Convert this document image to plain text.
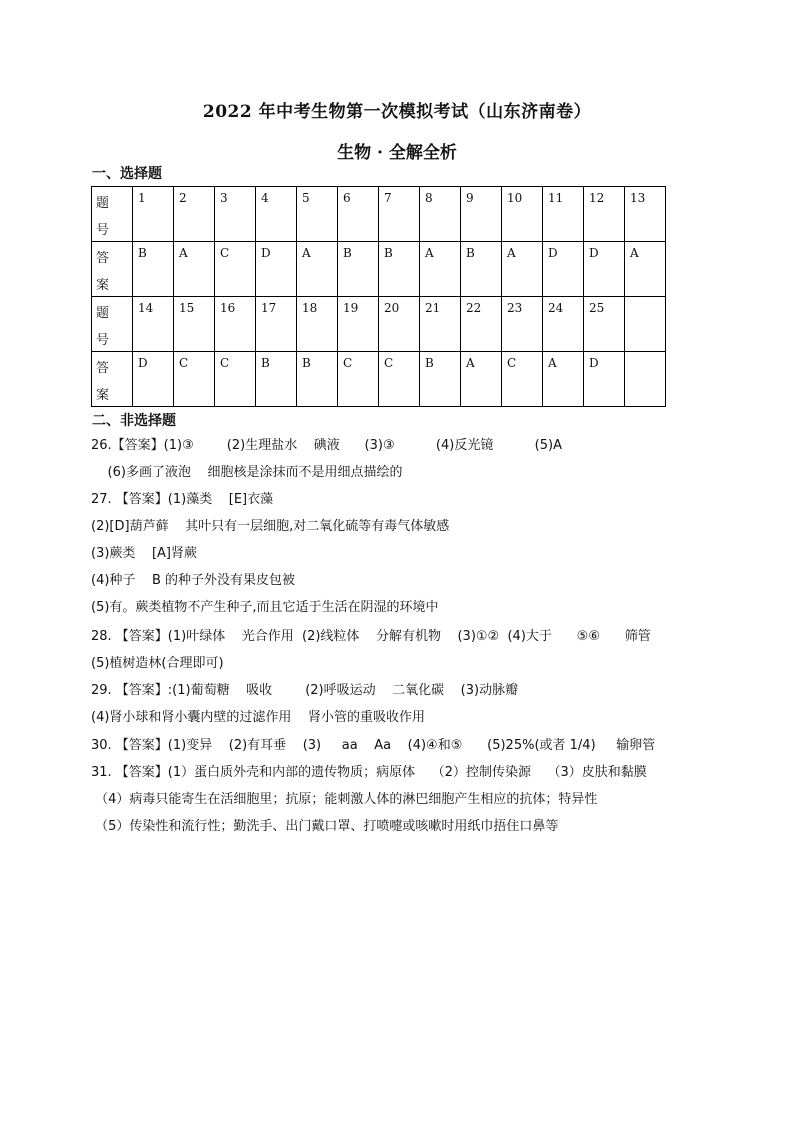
2022 年中考生物第一次模拟考试（山东济南卷）
生物 · 全解全析
一、选择题
题号	1	2	3	4	5	6	7	8	9	10	11	12	13

答案	B	A	C	D	A	B	B	A	B	A	D	D	A

题号	14	15	16	17	18	19	20	21	22	23	24	25	

答案	D	C	C	B	B	C	C	B	A	C	A	D	

二、非选择题
26.【答案】(1)③        (2)生理盐水    碘液      (3)③          (4)反光镜          (5)A
(6)多画了液泡    细胞核是涂抹而不是用细点描绘的
27. 【答案】(1)藻类    [E]衣藻
(2)[D]葫芦藓    其叶只有一层细胞,对二氧化硫等有毒气体敏感
(3)蕨类    [A]肾蕨
(4)种子    B 的种子外没有果皮包被
(5)有。蕨类植物不产生种子,而且它适于生活在阴湿的环境中
28. 【答案】(1)叶绿体    光合作用  (2)线粒体    分解有机物    (3)①②  (4)大于      ⑤⑥      筛管
(5)植树造林(合理即可)
29. 【答案】:(1)葡萄糖    吸收        (2)呼吸运动    二氧化碳    (3)动脉瓣
(4)肾小球和肾小囊内壁的过滤作用    肾小管的重吸收作用
30. 【答案】(1)变异    (2)有耳垂    (3)     aa    Aa    (4)④和⑤      (5)25%(或者 1/4)     输卵管
31. 【答案】(1）蛋白质外壳和内部的遗传物质；病原体    （2）控制传染源    （3）皮肤和黏膜
（4）病毒只能寄生在活细胞里；抗原；能刺激人体的淋巴细胞产生相应的抗体；特异性
（5）传染性和流行性；勤洗手、出门戴口罩、打喷嚏或咳嗽时用纸巾捂住口鼻等
